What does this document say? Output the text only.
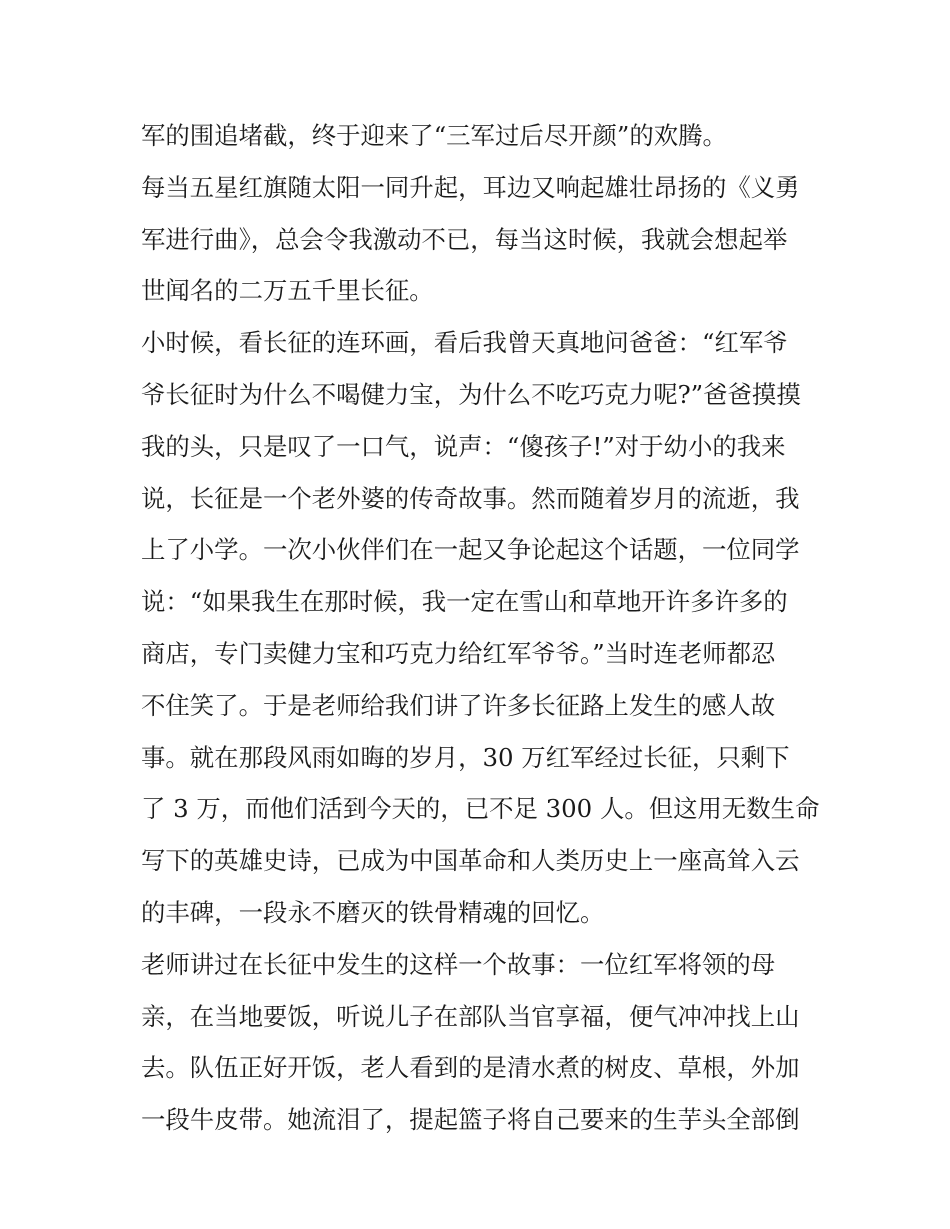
军的围追堵截，终于迎来了“三军过后尽开颜”的欢腾。
每当五星红旗随太阳一同升起，耳边又响起雄壮昂扬的《义勇
军进行曲》，总会令我激动不已，每当这时候，我就会想起举
世闻名的二万五千里长征。
小时候，看长征的连环画，看后我曾天真地问爸爸：“红军爷
爷长征时为什么不喝健力宝，为什么不吃巧克力呢?”爸爸摸摸
我的头，只是叹了一口气，说声：“傻孩子!”对于幼小的我来
说，长征是一个老外婆的传奇故事。然而随着岁月的流逝，我
上了小学。一次小伙伴们在一起又争论起这个话题，一位同学
说：“如果我生在那时候，我一定在雪山和草地开许多许多的
商店，专门卖健力宝和巧克力给红军爷爷。”当时连老师都忍
不住笑了。于是老师给我们讲了许多长征路上发生的感人故
事。就在那段风雨如晦的岁月，30 万红军经过长征，只剩下
了 3 万，而他们活到今天的，已不足 300 人。但这用无数生命
写下的英雄史诗，已成为中国革命和人类历史上一座高耸入云
的丰碑，一段永不磨灭的铁骨精魂的回忆。
老师讲过在长征中发生的这样一个故事：一位红军将领的母
亲，在当地要饭，听说儿子在部队当官享福，便气冲冲找上山
去。队伍正好开饭，老人看到的是清水煮的树皮、草根，外加
一段牛皮带。她流泪了，提起篮子将自己要来的生芋头全部倒
